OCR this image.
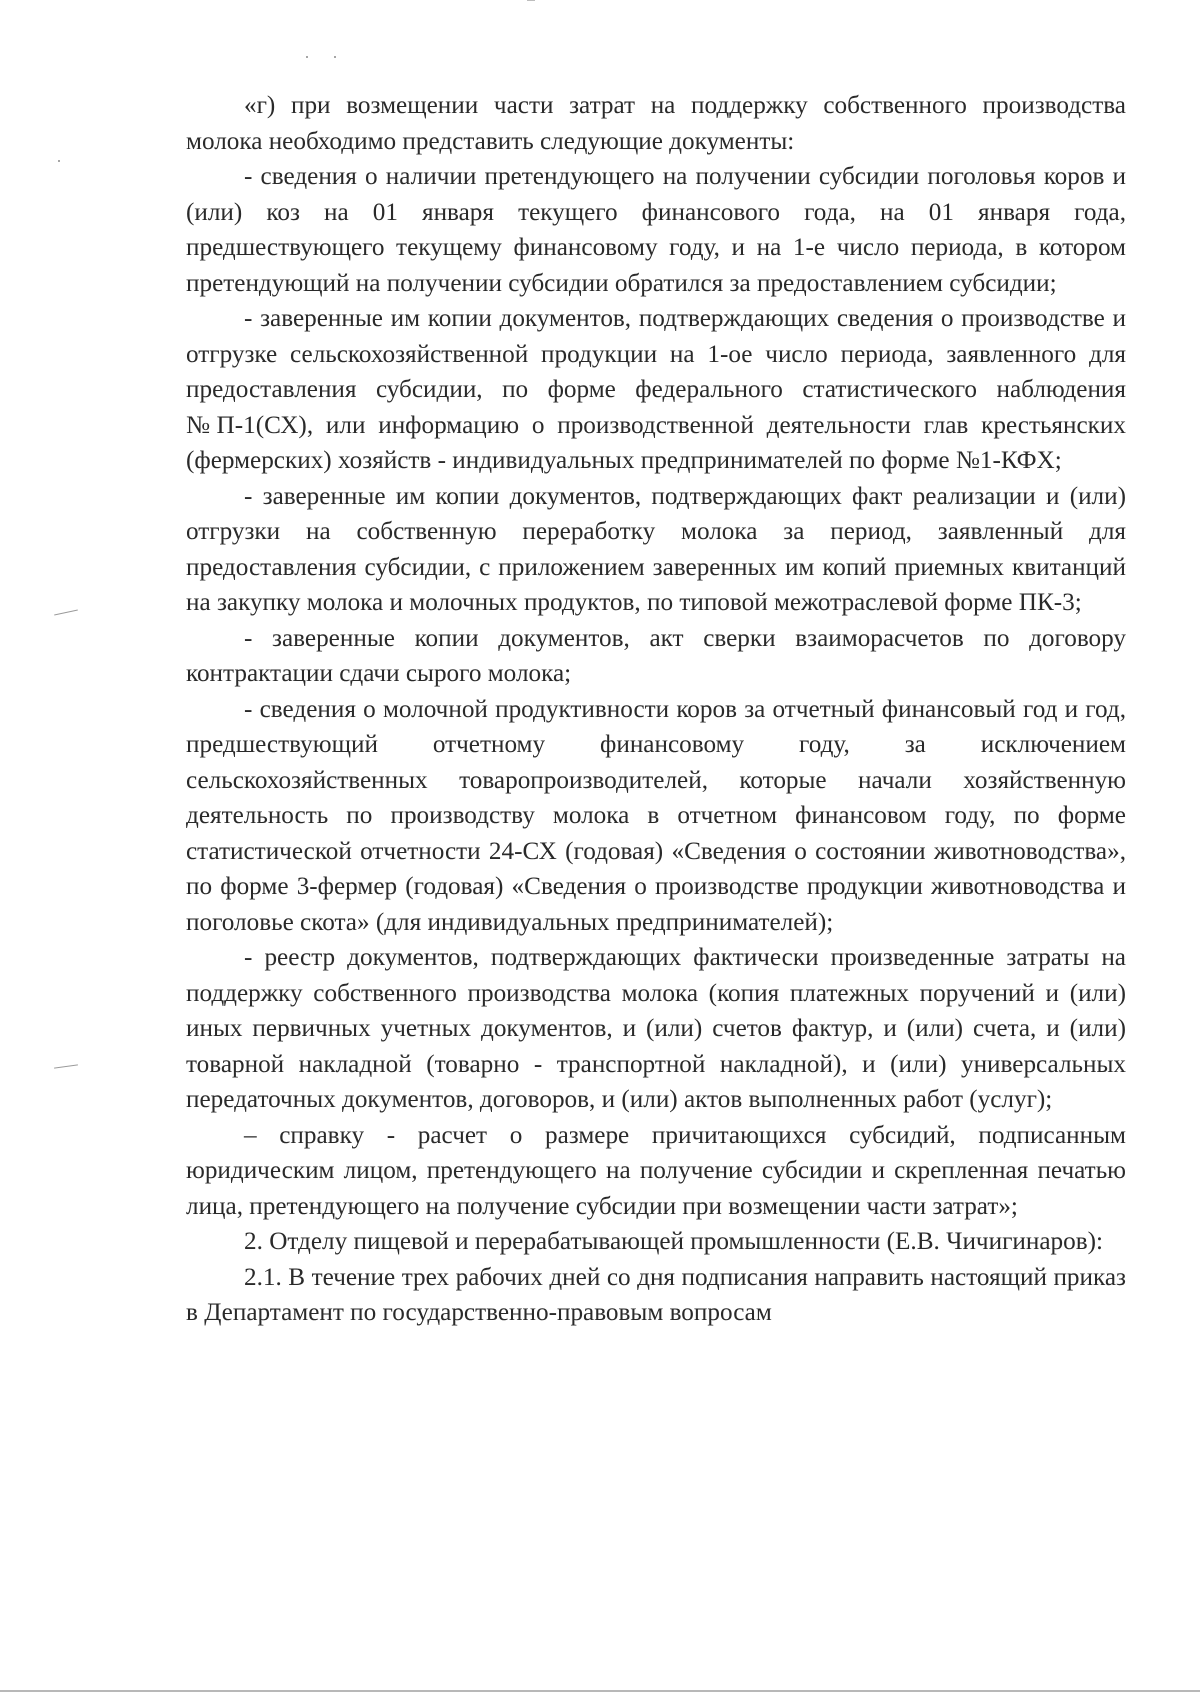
«г) при возмещении части затрат на поддержку собственного производства молока необходимо представить следующие документы:

- сведения о наличии претендующего на получении субсидии поголовья коров и (или) коз на 01 января текущего финансового года, на 01 января года, предшествующего текущему финансовому году, и на 1-е число периода, в котором претендующий на получении субсидии обратился за предоставлением субсидии;

- заверенные им копии документов, подтверждающих сведения о производстве и отгрузке сельскохозяйственной продукции на 1-ое число периода, заявленного для предоставления субсидии, по форме федерального статистического наблюдения №П-1(СХ), или информацию о производственной деятельности глав крестьянских (фермерских) хозяйств - индивидуальных предпринимателей по форме №1-КФХ;

- заверенные им копии документов, подтверждающих факт реализации и (или) отгрузки на собственную переработку молока за период, заявленный для предоставления субсидии, с приложением заверенных им копий приемных квитанций на закупку молока и молочных продуктов, по типовой межотраслевой форме ПК-3;

- заверенные копии документов, акт сверки взаиморасчетов по договору контрактации сдачи сырого молока;

- сведения о молочной продуктивности коров за отчетный финансовый год и год, предшествующий отчетному финансовому году, за исключением сельскохозяйственных товаропроизводителей, которые начали хозяйственную деятельность по производству молока в отчетном финансовом году, по форме статистической отчетности 24-СХ (годовая) «Сведения о состоянии животноводства», по форме 3-фермер (годовая) «Сведения о производстве продукции животноводства и поголовье скота» (для индивидуальных предпринимателей);

- реестр документов, подтверждающих фактически произведенные затраты на поддержку собственного производства молока (копия платежных поручений и (или) иных первичных учетных документов, и (или) счетов фактур, и (или) счета, и (или) товарной накладной (товарно - транспортной накладной), и (или) универсальных передаточных документов, договоров, и (или) актов выполненных работ (услуг);

– справку - расчет о размере причитающихся субсидий, подписанным юридическим лицом, претендующего на получение субсидии и скрепленная печатью лица, претендующего на получение субсидии при возмещении части затрат»;

2. Отделу пищевой и перерабатывающей промышленности (Е.В. Чичигинаров):

2.1. В течение трех рабочих дней со дня подписания направить настоящий приказ в Департамент по государственно-правовым вопросам
